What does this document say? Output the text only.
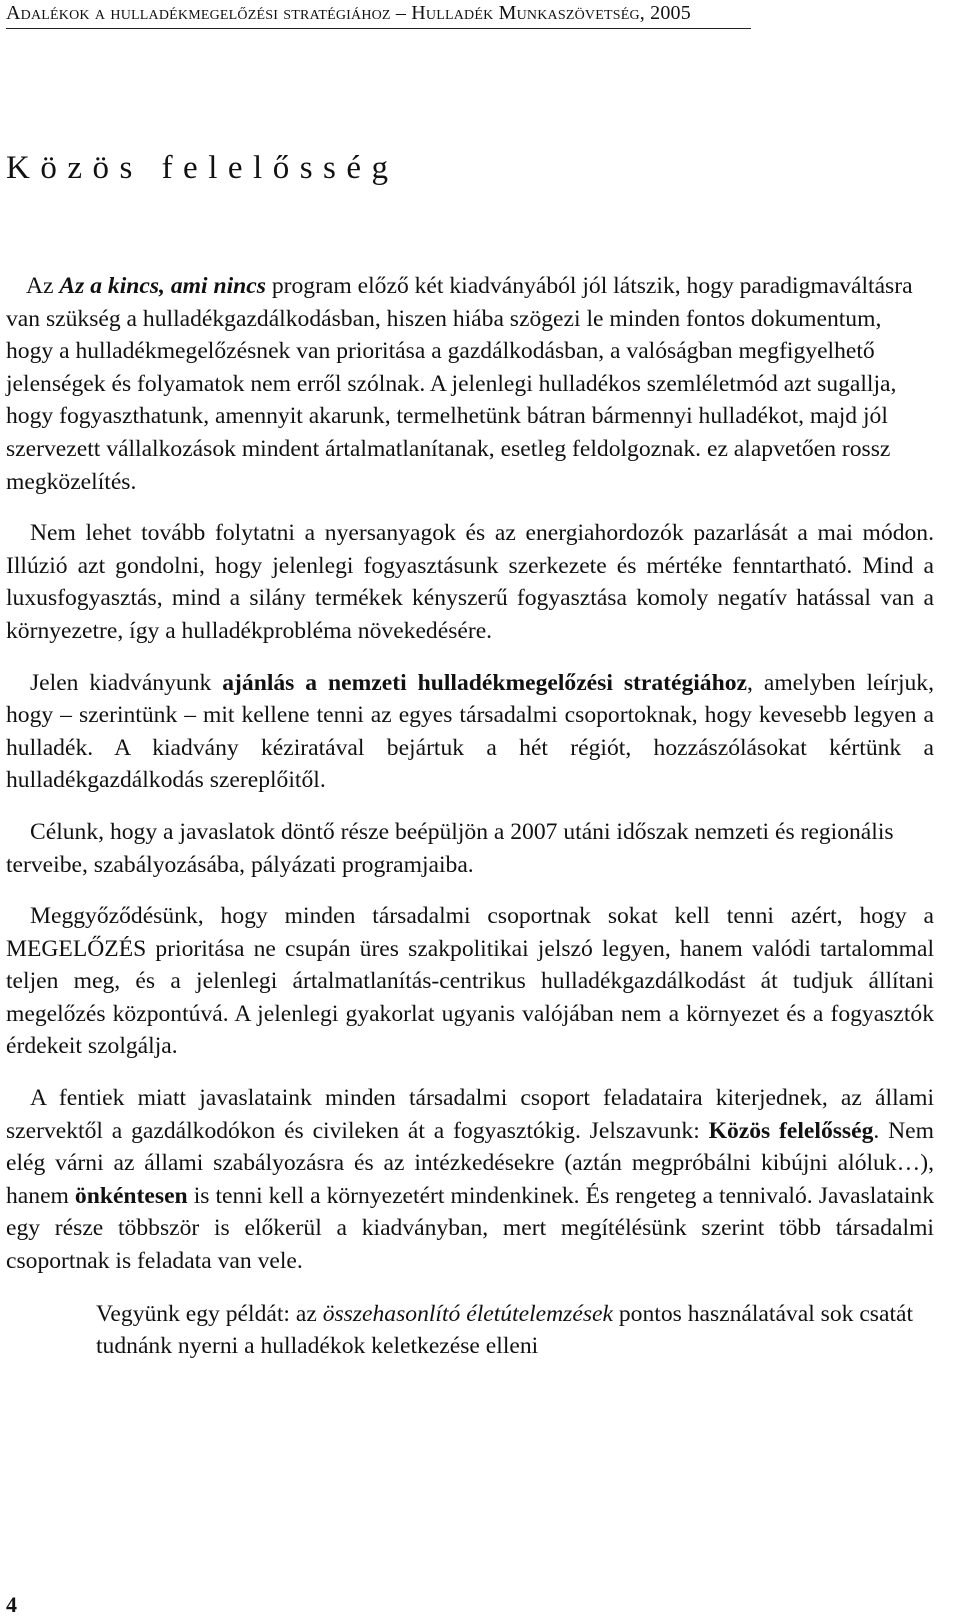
Adalékok a hulladékmegelőzési stratégiához – Hulladék Munkaszövetség, 2005
Közös felelősség

Az Az a kincs, ami nincs program előző két kiadványából jól látszik, hogy paradigmaváltásra van szükség a hulladékgazdálkodásban, hiszen hiába szögezi le minden fontos dokumentum, hogy a hulladékmegelőzésnek van prioritása a gazdálkodásban, a valóságban megfigyelhető jelenségek és folyamatok nem erről szólnak. A jelenlegi hulladékos szemléletmód azt sugallja, hogy fogyaszthatunk, amennyit akarunk, termelhetünk bátran bármennyi hulladékot, majd jól szervezett vállalkozások mindent ártalmatlanítanak, esetleg feldolgoznak. ez alapvetően rossz megközelítés.

Nem lehet tovább folytatni a nyersanyagok és az energiahordozók pazarlását a mai módon. Illúzió azt gondolni, hogy jelenlegi fogyasztásunk szerkezete és mértéke fenntartható. Mind a luxusfogyasztás, mind a silány termékek kényszerű fogyasztása komoly negatív hatással van a környezetre, így a hulladékprobléma növekedésére.

Jelen kiadványunk ajánlás a nemzeti hulladékmegelőzési stratégiához, amelyben leírjuk, hogy – szerintünk – mit kellene tenni az egyes társadalmi csoportoknak, hogy kevesebb legyen a hulladék. A kiadvány kéziratával bejártuk a hét régiót, hozzászólásokat kértünk a hulladékgazdálkodás szereplőitől.

Célunk, hogy a javaslatok döntő része beépüljön a 2007 utáni időszak nemzeti és regionális terveibe, szabályozásába, pályázati programjaiba.

Meggyőződésünk, hogy minden társadalmi csoportnak sokat kell tenni azért, hogy a MEGELŐZÉS prioritása ne csupán üres szakpolitikai jelszó legyen, hanem valódi tartalommal teljen meg, és a jelenlegi ártalmatlanítás-centrikus hulladékgazdálkodást át tudjuk állítani megelőzés központúvá. A jelenlegi gyakorlat ugyanis valójában nem a környezet és a fogyasztók érdekeit szolgálja.

A fentiek miatt javaslataink minden társadalmi csoport feladataira kiterjednek, az állami szervektől a gazdálkodókon és civileken át a fogyasztókig. Jelszavunk: Közös felelősség. Nem elég várni az állami szabályozásra és az intézkedésekre (aztán megpróbálni kibújni alóluk…), hanem önkéntesen is tenni kell a környezetért mindenkinek. És rengeteg a tennivaló. Javaslataink egy része többször is előkerül a kiadványban, mert megítélésünk szerint több társadalmi csoportnak is feladata van vele.

Vegyünk egy példát: az összehasonlító életútelemzések pontos használatával sok csatát tudnánk nyerni a hulladékok keletkezése elleni

4
